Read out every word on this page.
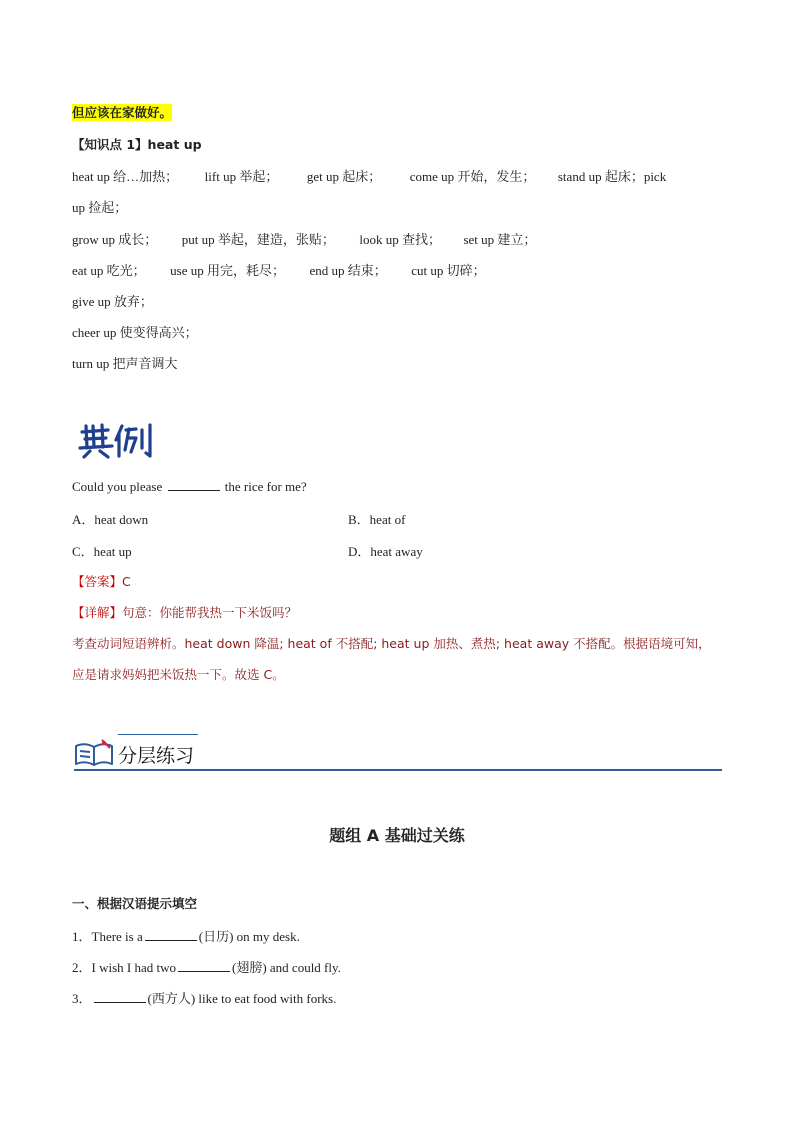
但应该在家做好。
【知识点 1】heat up
heat up 给…加热； lift up 举起； get up 起床； come up 开始，发生； stand up 起床；pick
up 捡起；
grow up 成长； put up 举起，建造，张贴； look up 查找； set up 建立；
eat up 吃光； use up 用完，耗尽； end up 结束； cut up 切碎；
give up 放弃；
cheer up 使变得高兴；
turn up 把声音调大
Could you please	the rice for me?
A．heat down	B．heat of
C．heat up	D．heat away
【答案】C
【详解】句意：你能帮我热一下米饭吗？
考查动词短语辨析。heat down 降温; heat of 不搭配; heat up 加热、煮热; heat away 不搭配。根据语境可知，
应是请求妈妈把米饭热一下。故选 C。
分层练习
题组 A 基础过关练
一、根据汉语提示填空
1．There is a	(日历) on my desk.
2．I wish I had two	(翅膀) and could fly.
3．	(西方人) like to eat food with forks.
